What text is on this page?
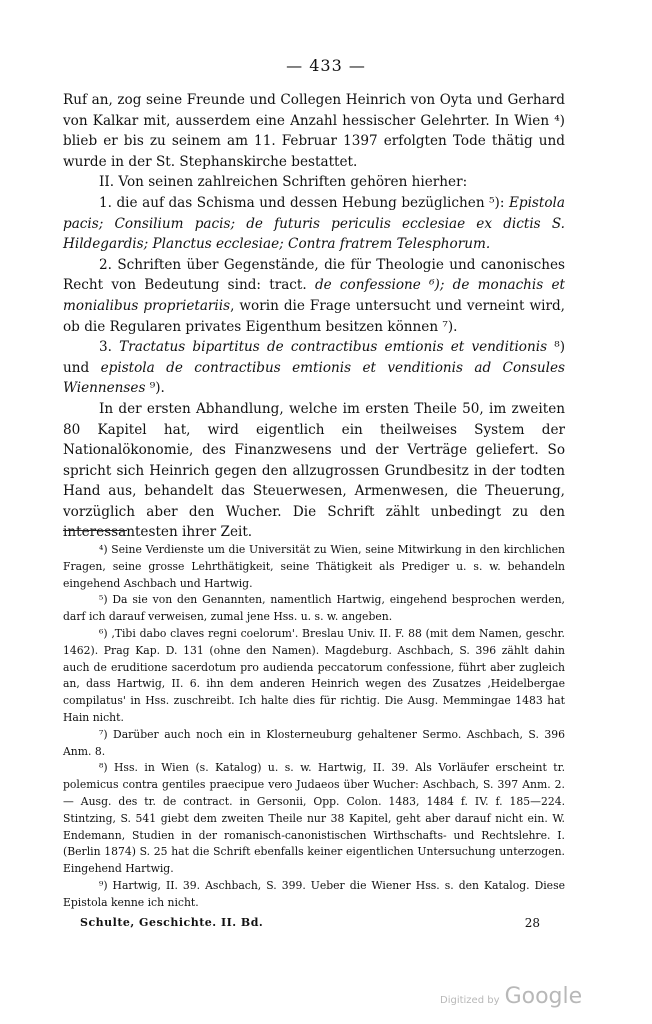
— 433 —

Ruf an, zog seine Freunde und Collegen Heinrich von Oyta und Gerhard von Kalkar mit, ausserdem eine Anzahl hessischer Gelehrter. In Wien ⁴) blieb er bis zu seinem am 11. Februar 1397 erfolgten Tode thätig und wurde in der St. Stephanskirche bestattet.

II. Von seinen zahlreichen Schriften gehören hierher:

1. die auf das Schisma und dessen Hebung bezüglichen ⁵): Epistola pacis; Consilium pacis; de futuris periculis ecclesiae ex dictis S. Hildegardis; Planctus ecclesiae; Contra fratrem Telesphorum.

2. Schriften über Gegenstände, die für Theologie und canonisches Recht von Bedeutung sind: tract. de confessione ⁶); de monachis et monialibus proprietariis, worin die Frage untersucht und verneint wird, ob die Regularen privates Eigenthum besitzen können ⁷).

3. Tractatus bipartitus de contractibus emtionis et venditionis ⁸) und epistola de contractibus emtionis et venditionis ad Consules Wiennenses ⁹).

In der ersten Abhandlung, welche im ersten Theile 50, im zweiten 80 Kapitel hat, wird eigentlich ein theilweises System der Nationalökonomie, des Finanzwesens und der Verträge geliefert. So spricht sich Heinrich gegen den allzugrossen Grundbesitz in der todten Hand aus, behandelt das Steuerwesen, Armenwesen, die Theuerung, vorzüglich aber den Wucher. Die Schrift zählt unbedingt zu den interessantesten ihrer Zeit.

⁴) Seine Verdienste um die Universität zu Wien, seine Mitwirkung in den kirchlichen Fragen, seine grosse Lehrthätigkeit, seine Thätigkeit als Prediger u. s. w. behandeln eingehend Aschbach und Hartwig.

⁵) Da sie von den Genannten, namentlich Hartwig, eingehend besprochen werden, darf ich darauf verweisen, zumal jene Hss. u. s. w. angeben.

⁶) ‚Tibi dabo claves regni coelorum'. Breslau Univ. II. F. 88 (mit dem Namen, geschr. 1462). Prag Kap. D. 131 (ohne den Namen). Magdeburg. Aschbach, S. 396 zählt dahin auch de eruditione sacerdotum pro audienda peccatorum confessione, führt aber zugleich an, dass Hartwig, II. 6. ihn dem anderen Heinrich wegen des Zusatzes ‚Heidelbergae compilatus' in Hss. zuschreibt. Ich halte dies für richtig. Die Ausg. Memmingae 1483 hat Hain nicht.

⁷) Darüber auch noch ein in Klosterneuburg gehaltener Sermo. Aschbach, S. 396 Anm. 8.

⁸) Hss. in Wien (s. Katalog) u. s. w. Hartwig, II. 39. Als Vorläufer erscheint tr. polemicus contra gentiles praecipue vero Judaeos über Wucher: Aschbach, S. 397 Anm. 2. — Ausg. des tr. de contract. in Gersonii, Opp. Colon. 1483, 1484 f. IV. f. 185—224. Stintzing, S. 541 giebt dem zweiten Theile nur 38 Kapitel, geht aber darauf nicht ein. W. Endemann, Studien in der romanisch-canonistischen Wirthschafts- und Rechtslehre. I. (Berlin 1874) S. 25 hat die Schrift ebenfalls keiner eigentlichen Untersuchung unterzogen. Eingehend Hartwig.

⁹) Hartwig, II. 39. Aschbach, S. 399. Ueber die Wiener Hss. s. den Katalog. Diese Epistola kenne ich nicht.

Schulte, Geschichte. II. Bd.	28
Digitized by Google
